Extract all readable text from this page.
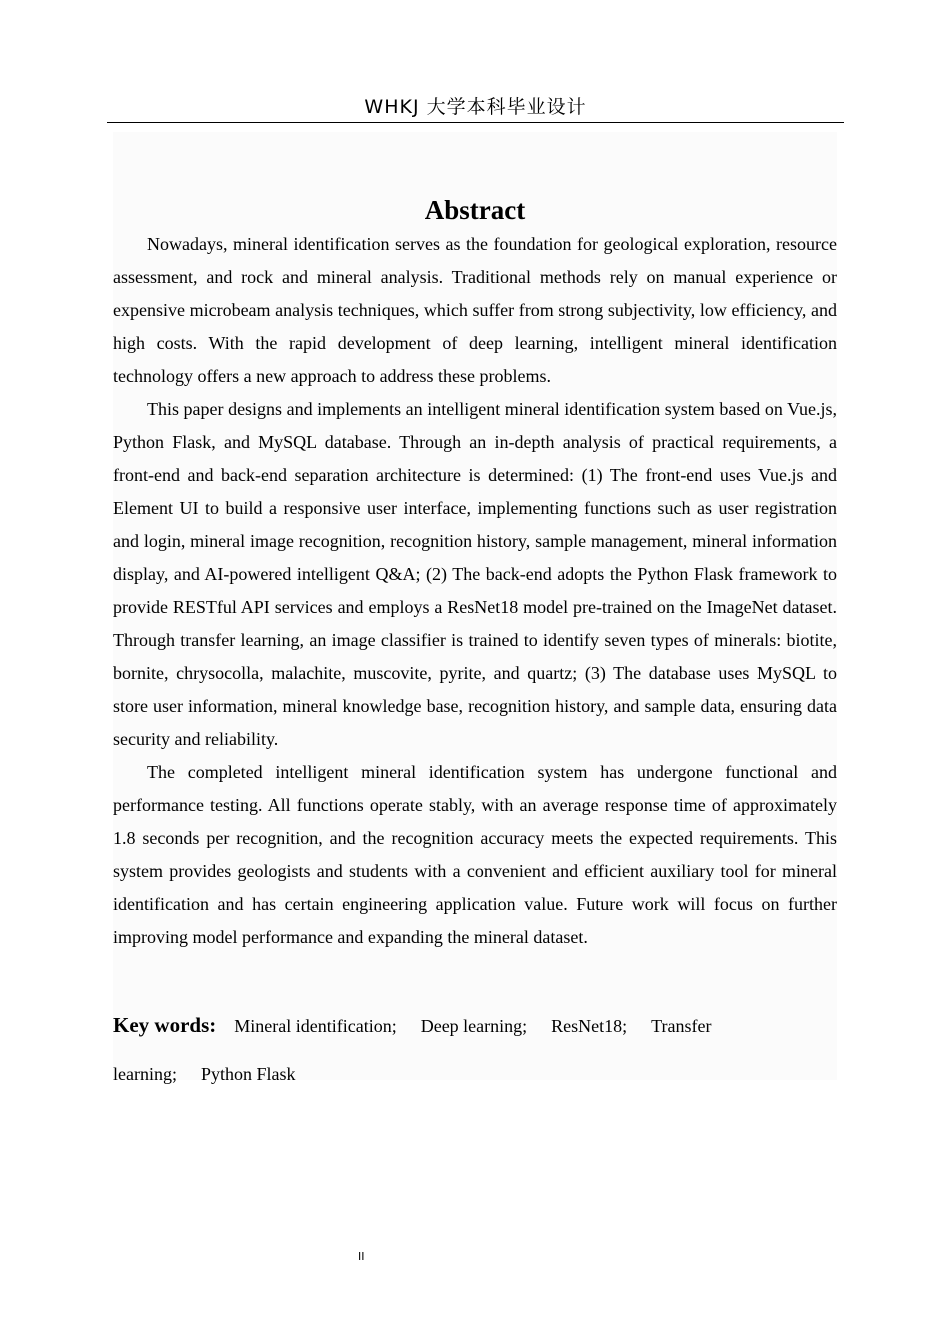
WHKJ 大学本科毕业设计
Abstract

Nowadays, mineral identification serves as the foundation for geological exploration, resource assessment, and rock and mineral analysis. Traditional methods rely on manual experience or expensive microbeam analysis techniques, which suffer from strong subjectivity, low efficiency, and high costs. With the rapid development of deep learning, intelligent mineral identification technology offers a new approach to address these problems.

This paper designs and implements an intelligent mineral identification system based on Vue.js, Python Flask, and MySQL database. Through an in-depth analysis of practical requirements, a front-end and back-end separation architecture is determined: (1) The front-end uses Vue.js and Element UI to build a responsive user interface, implementing functions such as user registration and login, mineral image recognition, recognition history, sample management, mineral information display, and AI-powered intelligent Q&A; (2) The back-end adopts the Python Flask framework to provide RESTful API services and employs a ResNet18 model pre-trained on the ImageNet dataset. Through transfer learning, an image classifier is trained to identify seven types of minerals: biotite, bornite, chrysocolla, malachite, muscovite, pyrite, and quartz; (3) The database uses MySQL to store user information, mineral knowledge base, recognition history, and sample data, ensuring data security and reliability.

The completed intelligent mineral identification system has undergone functional and performance testing. All functions operate stably, with an average response time of approximately 1.8 seconds per recognition, and the recognition accuracy meets the expected requirements. This system provides geologists and students with a convenient and efficient auxiliary tool for mineral identification and has certain engineering application value. Future work will focus on further improving model performance and expanding the mineral dataset.

Key words: Mineral identification; Deep learning; ResNet18; Transfer learning; Python Flask
II
